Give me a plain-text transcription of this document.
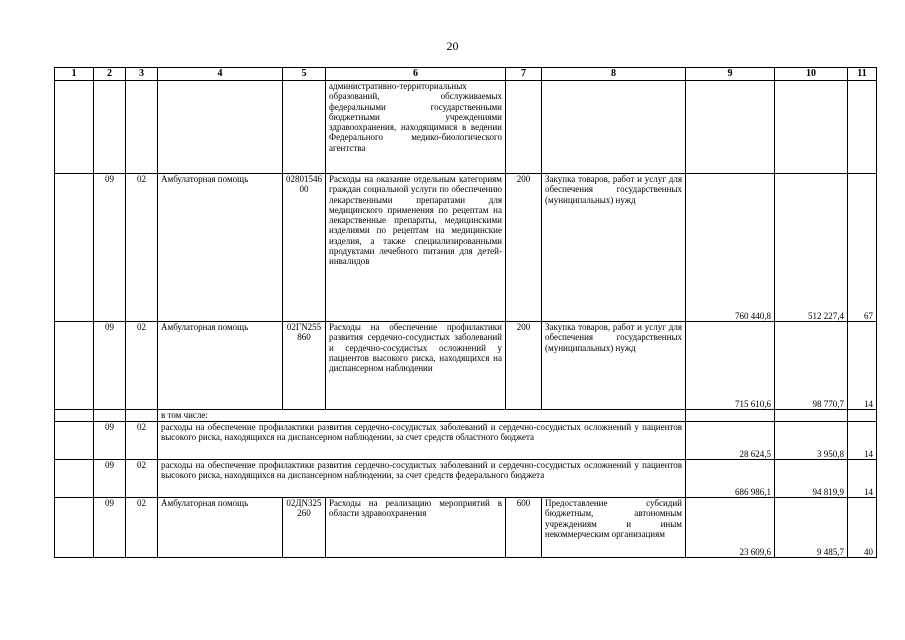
20
1	2	3	4	5	6	7	8	9	10	11
					административно-территориальных образований, обслуживаемых федеральными государственными бюджетными учреждениями здравоохранения, находящимися в ведении Федерального медико-биологического агентства					
	09	02	Амбулаторная помощь	0280154600	Расходы на оказание отдельным категориям граждан социальной услуги по обеспечению лекарственными препаратами для медицинского применения по рецептам на лекарственные препараты, медицинскими изделиями по рецептам на медицинские изделия, а также специализированными продуктами лечебного питания для детей-инвалидов	200	Закупка товаров, работ и услуг для обеспечения государственных (муниципальных) нужд	760 440,8	512 227,4	67
	09	02	Амбулаторная помощь	02ГN255860	Расходы на обеспечение профилактики развития сердечно-сосудистых заболеваний и сердечно-сосудистых осложнений у пациентов высокого риска, находящихся на диспансерном наблюдении	200	Закупка товаров, работ и услуг для обеспечения государственных (муниципальных) нужд	715 610,6	98 770,7	14
			в том числе:							
	09	02	расходы на обеспечение профилактики развития сердечно-сосудистых заболеваний и сердечно-сосудистых осложнений у пациентов высокого риска, находящихся на диспансерном наблюдении, за счет средств областного бюджета					28 624,5	3 950,8	14
	09	02	расходы на обеспечение профилактики развития сердечно-сосудистых заболеваний и сердечно-сосудистых осложнений у пациентов высокого риска, находящихся на диспансерном наблюдении, за счет средств федерального бюджета					686 986,1	94 819,9	14
	09	02	Амбулаторная помощь	02ДN325260	Расходы на реализацию мероприятий в области здравоохранения	600	Предоставление субсидий бюджетным, автономным учреждениям и иным некоммерческим организациям	23 609,6	9 485,7	40
